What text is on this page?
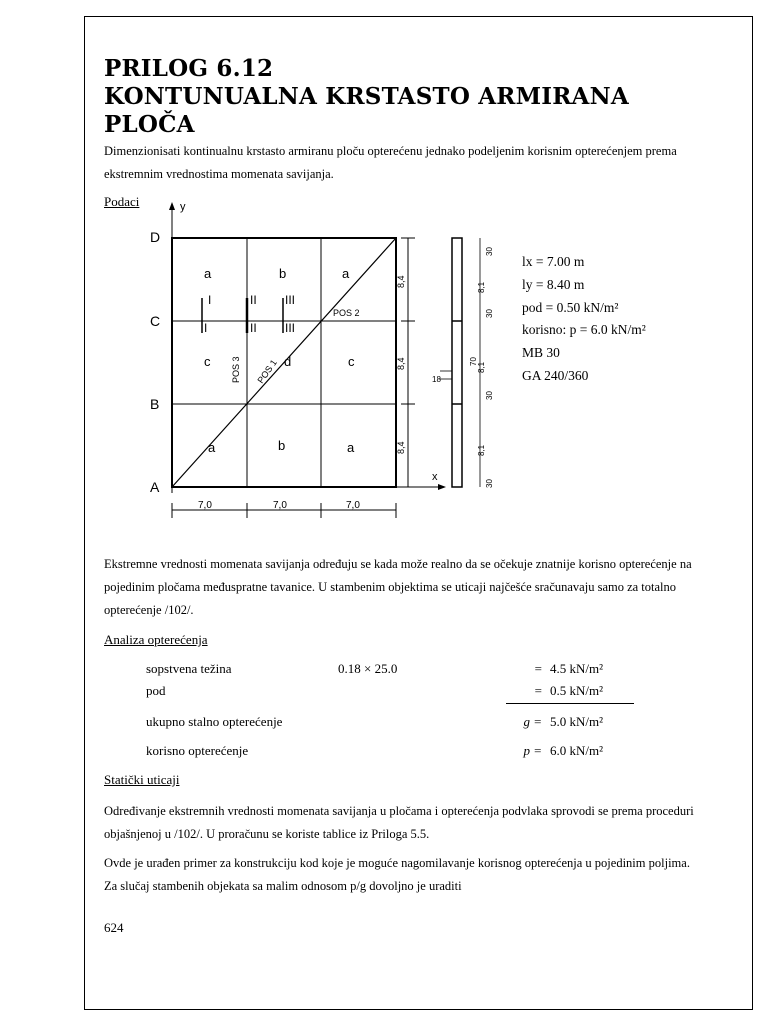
PRILOG 6.12
KONTUNUALNA KRSTASTO ARMIRANA
PLOČA
Dimenzionisati kontinualnu krstasto armiranu ploču opterećenu jednako podeljenim korisnim opterećenjem prema ekstremnim vrednostima momenata savijanja.
Podaci	y
x
D
C
B
A
a	b	a
c	d	c
a	b	a
I
I
II
II
III
III
POS 2
POS 3 POS 1
7,0	7,0	7,0
8,4
8,4
8,4
30
8,1
30
8,1
30
8,1
30
70
18
lx = 7.00 m
ly = 8.40 m
pod = 0.50 kN/m²
korisno: p = 6.0 kN/m²
MB 30
GA 240/360
Ekstremne vrednosti momenata savijanja određuju se kada može realno da se očekuje znatnije korisno opterećenje na pojedinim pločama međuspratne tavanice. U stambenim objektima se uticaji najčešće sračunavaju samo za totalno opterećenje /102/.
Analiza opterećenja
sopstvena težina	0.18 × 25.0	= 4.5 kN/m²
pod	= 0.5 kN/m²
ukupno stalno opterećenje	g = 5.0 kN/m²
korisno opterećenje	p = 6.0 kN/m²
Statički uticaji
Određivanje ekstremnih vrednosti momenata savijanja u pločama i opterećenja podvlaka sprovodi se prema proceduri objašnjenoj u /102/. U proračunu se koriste tablice iz Priloga 5.5.
Ovde je urađen primer za konstrukciju kod koje je moguće nagomilavanje korisnog opterećenja u pojedinim poljima. Za slučaj stambenih objekata sa malim odnosom p/g dovoljno je uraditi
624
